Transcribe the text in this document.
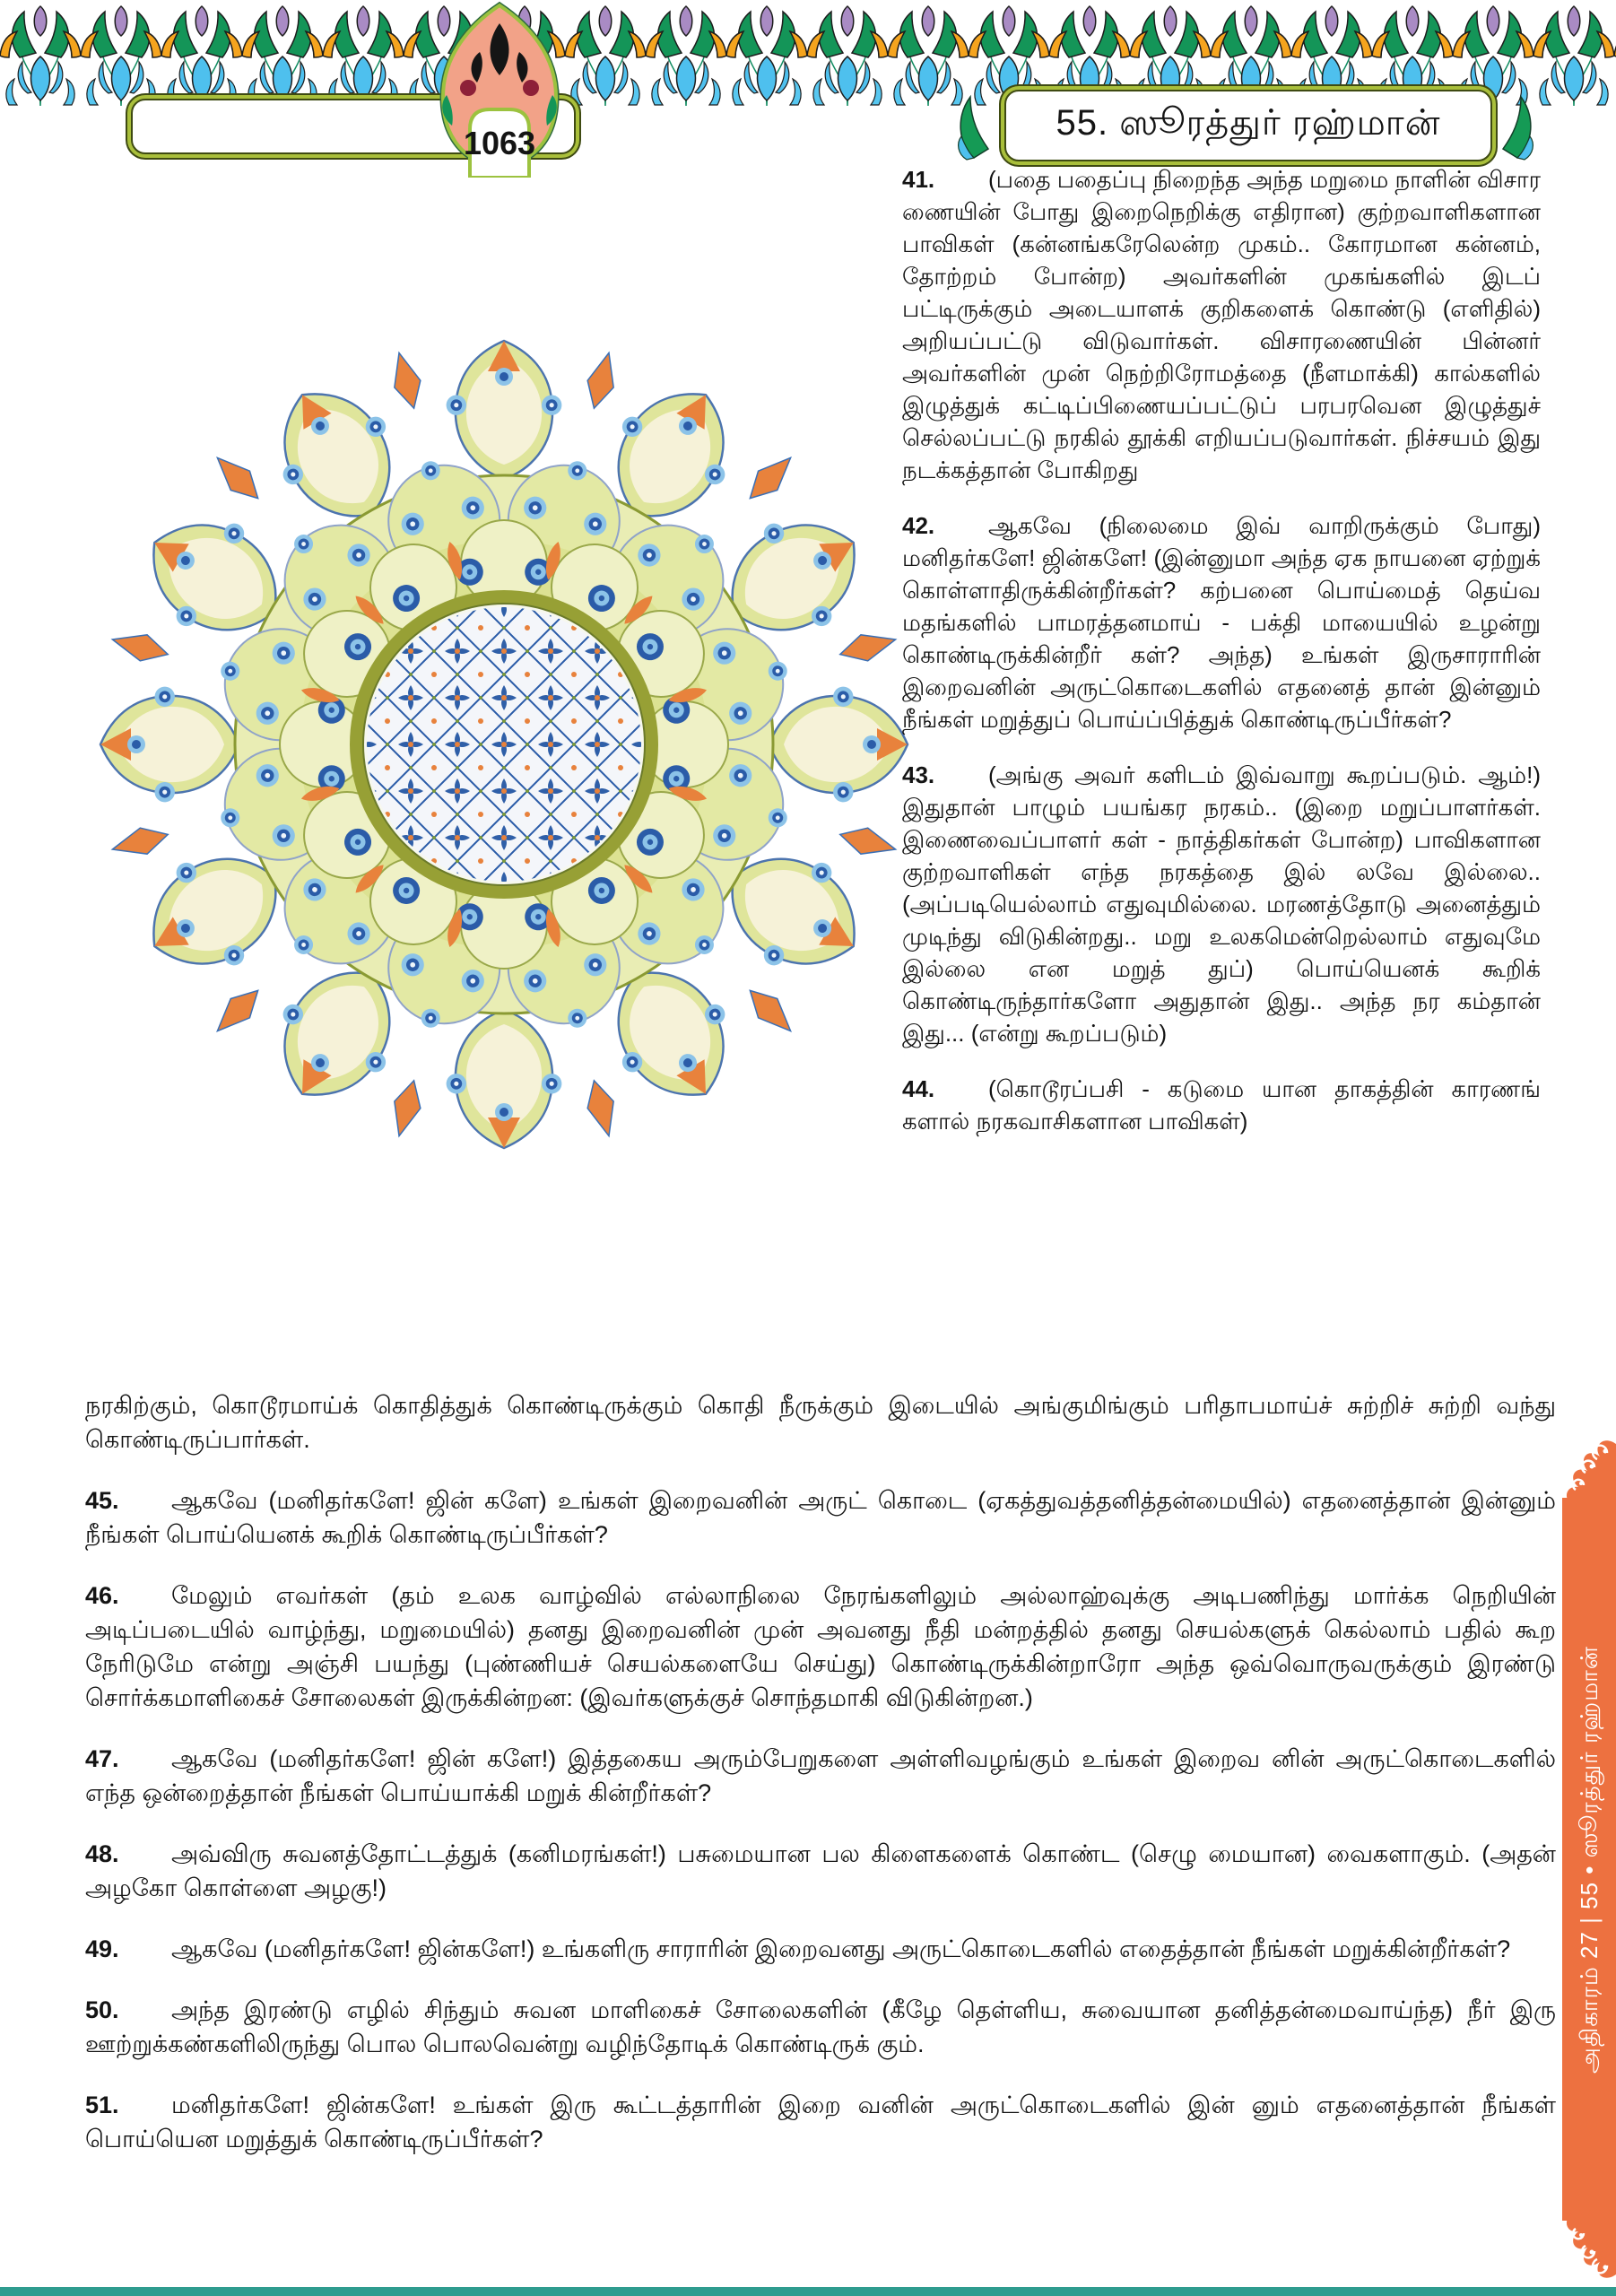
55. ஸூரத்துர் ரஹ்மான்
1063

41. (பதை பதைப்பு நிறைந்த அந்த மறுமை நாளின் விசார ணையின் போது இறைநெறிக்கு எதிரான) குற்றவாளிகளான பாவிகள் (கன்னங்கரேலென்ற முகம்.. கோரமான கன்னம், தோற்றம் போன்ற) அவர்களின் முகங்களில் இடப் பட்டிருக்கும் அடையாளக் குறிகளைக் கொண்டு (எளிதில்) அறியப்பட்டு விடுவார்கள். விசாரணையின் பின்னர் அவர்களின் முன் நெற்றிரோமத்தை (நீளமாக்கி) கால்களில் இழுத்துக் கட்டிப்பிணையப்பட்டுப் பரபரவென இழுத்துச் செல்லப்பட்டு நரகில் தூக்கி எறியப்படுவார்கள். நிச்சயம் இது நடக்கத்தான் போகிறது

42. ஆகவே (நிலைமை இவ் வாறிருக்கும் போது) மனிதர்களே! ஜின்களே! (இன்னுமா அந்த ஏக நாயனை ஏற்றுக் கொள்ளாதிருக்கின்றீர்கள்? கற்பனை பொய்மைத் தெய்வ மதங்களில் பாமரத்தனமாய் - பக்தி மாயையில் உழன்று கொண்டிருக்கின்றீர் கள்? அந்த) உங்கள் இருசாராரின் இறைவனின் அருட்கொடைகளில் எதனைத் தான் இன்னும் நீங்கள் மறுத்துப் பொய்ப்பித்துக் கொண்டிருப்பீர்கள்?

43. (அங்கு அவர் களிடம் இவ்வாறு கூறப்படும். ஆம்!) இதுதான் பாழும் பயங்கர நரகம்.. (இறை மறுப்பாளர்கள். இணைவைப்பாளர் கள் - நாத்திகர்கள் போன்ற) பாவிகளான குற்றவாளிகள் எந்த நரகத்தை இல் லவே இல்லை.. (அப்படியெல்லாம் எதுவுமில்லை. மரணத்தோடு அனைத்தும் முடிந்து விடுகின்றது.. மறு உலகமென்றெல்லாம் எதுவுமே இல்லை என மறுத் துப்) பொய்யெனக் கூறிக் கொண்டிருந்தார்களோ அதுதான் இது.. அந்த நர கம்தான் இது... (என்று கூறப்படும்)

44. (கொடூரப்பசி - கடுமை யான தாகத்தின் காரணங் களால் நரகவாசிகளான பாவிகள்)

நரகிற்கும், கொடூரமாய்க் கொதித்துக் கொண்டிருக்கும் கொதி நீருக்கும் இடையில் அங்குமிங்கும் பரிதாபமாய்ச் சுற்றிச் சுற்றி வந்து கொண்டிருப்பார்கள்.

45. ஆகவே (மனிதர்களே! ஜின் களே) உங்கள் இறைவனின் அருட் கொடை (ஏகத்துவத்தனித்தன்மையில்) எதனைத்தான் இன்னும் நீங்கள் பொய்யெனக் கூறிக் கொண்டிருப்பீர்கள்?

46. மேலும் எவர்கள் (தம் உலக வாழ்வில் எல்லாநிலை நேரங்களிலும் அல்லாஹ்வுக்கு அடிபணிந்து மார்க்க நெறியின் அடிப்படையில் வாழ்ந்து, மறுமையில்) தனது இறைவனின் முன் அவனது நீதி மன்றத்தில் தனது செயல்களுக் கெல்லாம் பதில் கூற நேரிடுமே என்று அஞ்சி பயந்து (புண்ணியச் செயல்களையே செய்து) கொண்டிருக்கின்றாரோ அந்த ஒவ்வொருவருக்கும் இரண்டு சொர்க்கமாளிகைச் சோலைகள் இருக்கின்றன: (இவர்களுக்குச் சொந்தமாகி விடுகின்றன.)

47. ஆகவே (மனிதர்களே! ஜின் களே!) இத்தகைய அரும்பேறுகளை அள்ளிவழங்கும் உங்கள் இறைவ னின் அருட்கொடைகளில் எந்த ஒன்றைத்தான் நீங்கள் பொய்யாக்கி மறுக் கின்றீர்கள்?

48. அவ்விரு சுவனத்தோட்டத்துக் (கனிமரங்கள்!) பசுமையான பல கிளைகளைக் கொண்ட (செழு மையான) வைகளாகும். (அதன் அழகோ கொள்ளை அழகு!)

49. ஆகவே (மனிதர்களே! ஜின்களே!) உங்களிரு சாராரின் இறைவனது அருட்கொடைகளில் எதைத்தான் நீங்கள் மறுக்கின்றீர்கள்?

50. அந்த இரண்டு எழில் சிந்தும் சுவன மாளிகைச் சோலைகளின் (கீழே தெள்ளிய, சுவையான தனித்தன்மைவாய்ந்த) நீர் இரு ஊற்றுக்கண்களிலிருந்து பொல பொலவென்று வழிந்தோடிக் கொண்டிருக் கும்.

51. மனிதர்களே! ஜின்களே! உங்கள் இரு கூட்டத்தாரின் இறை வனின் அருட்கொடைகளில் இன் னும் எதனைத்தான் நீங்கள் பொய்யென மறுத்துக் கொண்டிருப்பீர்கள்?

அதிகாரம் 27 | 55 • ஸூரத்துர் ரஹ்மான்
